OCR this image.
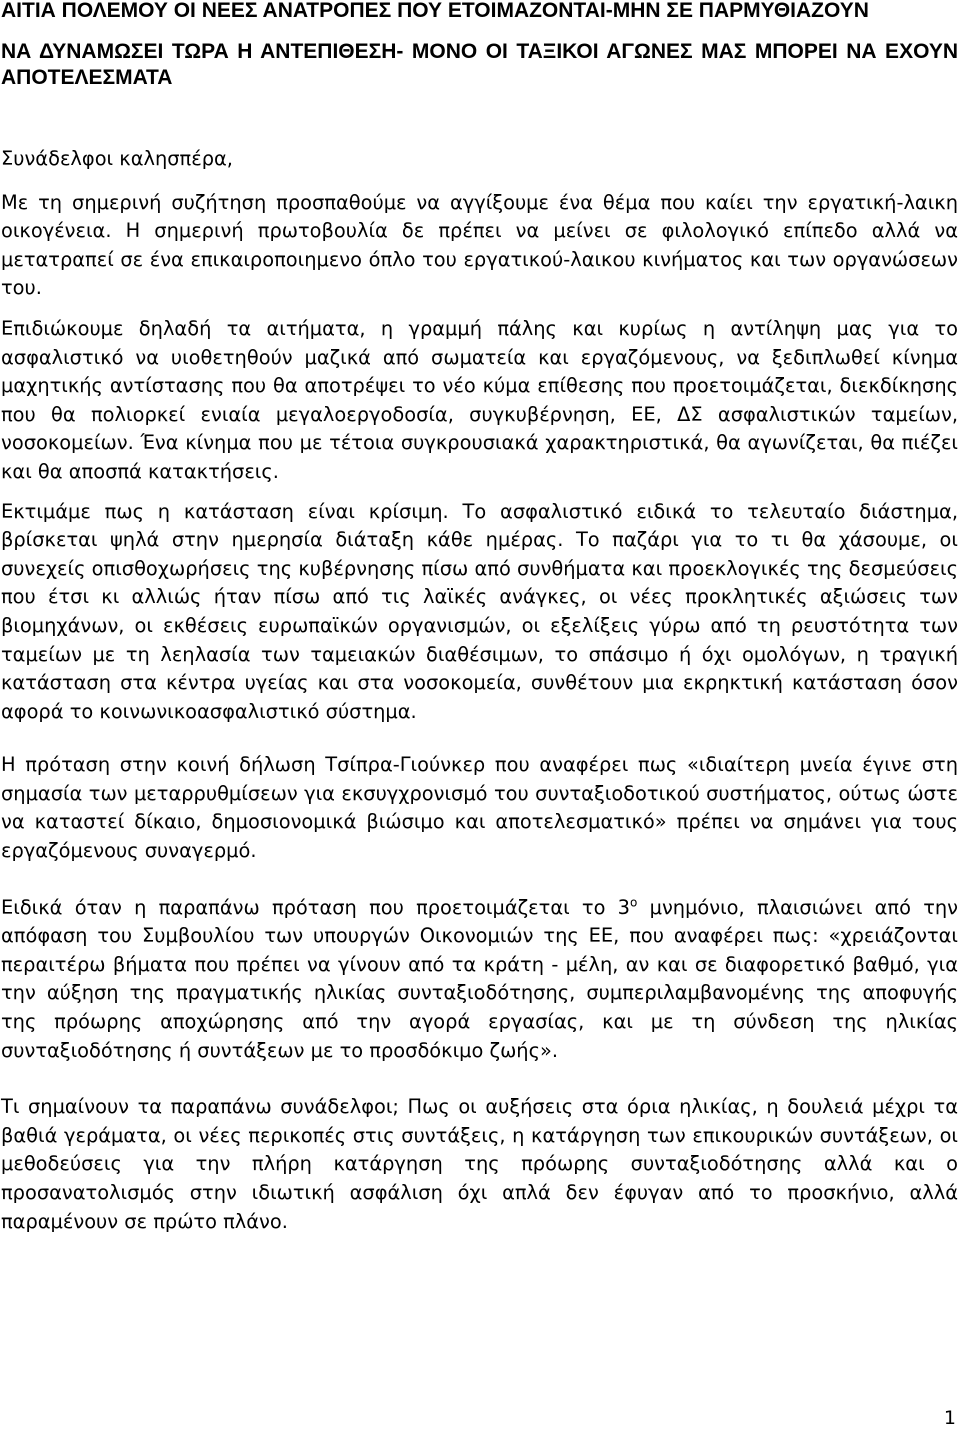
ΑΙΤΙΑ ΠΟΛΕΜΟΥ ΟΙ ΝΕΕΣ ΑΝΑΤΡΟΠΕΣ ΠΟΥ ΕΤΟΙΜΑΖΟΝΤΑΙ-ΜΗΝ ΣΕ ΠΑΡΜΥΘΙΑΖΟΥΝ

ΝΑ ΔΥΝΑΜΩΣΕΙ ΤΩΡΑ Η ΑΝΤΕΠΙΘΕΣΗ- ΜΟΝΟ ΟΙ ΤΑΞΙΚΟΙ ΑΓΩΝΕΣ ΜΑΣ ΜΠΟΡΕΙ ΝΑ ΕΧΟΥΝ ΑΠΟΤΕΛΕΣΜΑΤΑ

Συνάδελφοι καλησπέρα,

Με τη σημερινή συζήτηση προσπαθούμε να αγγίξουμε ένα θέμα που καίει την εργατική-λαικη οικογένεια. Η σημερινή πρωτοβουλία δε πρέπει να μείνει σε φιλολογικό επίπεδο αλλά να μετατραπεί σε ένα επικαιροποιημενο όπλο του εργατικού-λαικου κινήματος και των οργανώσεων του.

Επιδιώκουμε δηλαδή τα αιτήματα, η γραμμή πάλης και κυρίως η αντίληψη μας για το ασφαλιστικό να υιοθετηθούν μαζικά από σωματεία και εργαζόμενους, να ξεδιπλωθεί κίνημα μαχητικής αντίστασης που θα αποτρέψει το νέο κύμα επίθεσης που προετοιμάζεται, διεκδίκησης που θα πολιορκεί ενιαία μεγαλοεργοδοσία, συγκυβέρνηση, ΕΕ, ΔΣ ασφαλιστικών ταμείων, νοσοκομείων. Ένα κίνημα που με τέτοια συγκρουσιακά χαρακτηριστικά, θα αγωνίζεται, θα πιέζει και θα αποσπά κατακτήσεις.

Εκτιμάμε πως η κατάσταση είναι κρίσιμη. Το ασφαλιστικό ειδικά το τελευταίο διάστημα, βρίσκεται ψηλά στην ημερησία διάταξη κάθε ημέρας. Το παζάρι για το τι θα χάσουμε, οι συνεχείς οπισθοχωρήσεις της κυβέρνησης πίσω από συνθήματα και προεκλογικές της δεσμεύσεις που έτσι κι αλλιώς ήταν πίσω από τις λαϊκές ανάγκες, οι νέες προκλητικές αξιώσεις των βιομηχάνων, οι εκθέσεις ευρωπαϊκών οργανισμών, οι εξελίξεις γύρω από τη ρευστότητα των ταμείων με τη λεηλασία των ταμειακών διαθέσιμων, το σπάσιμο ή όχι ομολόγων, η τραγική κατάσταση στα κέντρα υγείας και στα νοσοκομεία, συνθέτουν μια εκρηκτική κατάσταση όσον αφορά το κοινωνικοασφαλιστικό σύστημα.

Η πρόταση στην κοινή δήλωση Τσίπρα-Γιούνκερ που αναφέρει πως «ιδιαίτερη μνεία έγινε στη σημασία των μεταρρυθμίσεων για εκσυγχρονισμό του συνταξιοδοτικού συστήματος, ούτως ώστε να καταστεί δίκαιο, δημοσιονομικά βιώσιμο και αποτελεσματικό» πρέπει να σημάνει για τους εργαζόμενους συναγερμό.

Ειδικά όταν η παραπάνω πρόταση που προετοιμάζεται το $3^o$ μνημόνιο, πλαισιώνει από την απόφαση του Συμβουλίου των υπουργών Οικονομιών της ΕΕ, που αναφέρει πως: «χρειάζονται περαιτέρω βήματα που πρέπει να γίνουν από τα κράτη - μέλη, αν και σε διαφορετικό βαθμό, για την αύξηση της πραγματικής ηλικίας συνταξιοδότησης, συμπεριλαμβανομένης της αποφυγής της πρόωρης αποχώρησης από την αγορά εργασίας, και με τη σύνδεση της ηλικίας συνταξιοδότησης ή συντάξεων με το προσδόκιμο ζωής».

Τι σημαίνουν τα παραπάνω συνάδελφοι; Πως οι αυξήσεις στα όρια ηλικίας, η δουλειά μέχρι τα βαθιά γεράματα, οι νέες περικοπές στις συντάξεις, η κατάργηση των επικουρικών συντάξεων, οι μεθοδεύσεις για την πλήρη κατάργηση της πρόωρης συνταξιοδότησης αλλά και ο προσανατολισμός στην ιδιωτική ασφάλιση όχι απλά δεν έφυγαν από το προσκήνιο, αλλά παραμένουν σε πρώτο πλάνο.

1
